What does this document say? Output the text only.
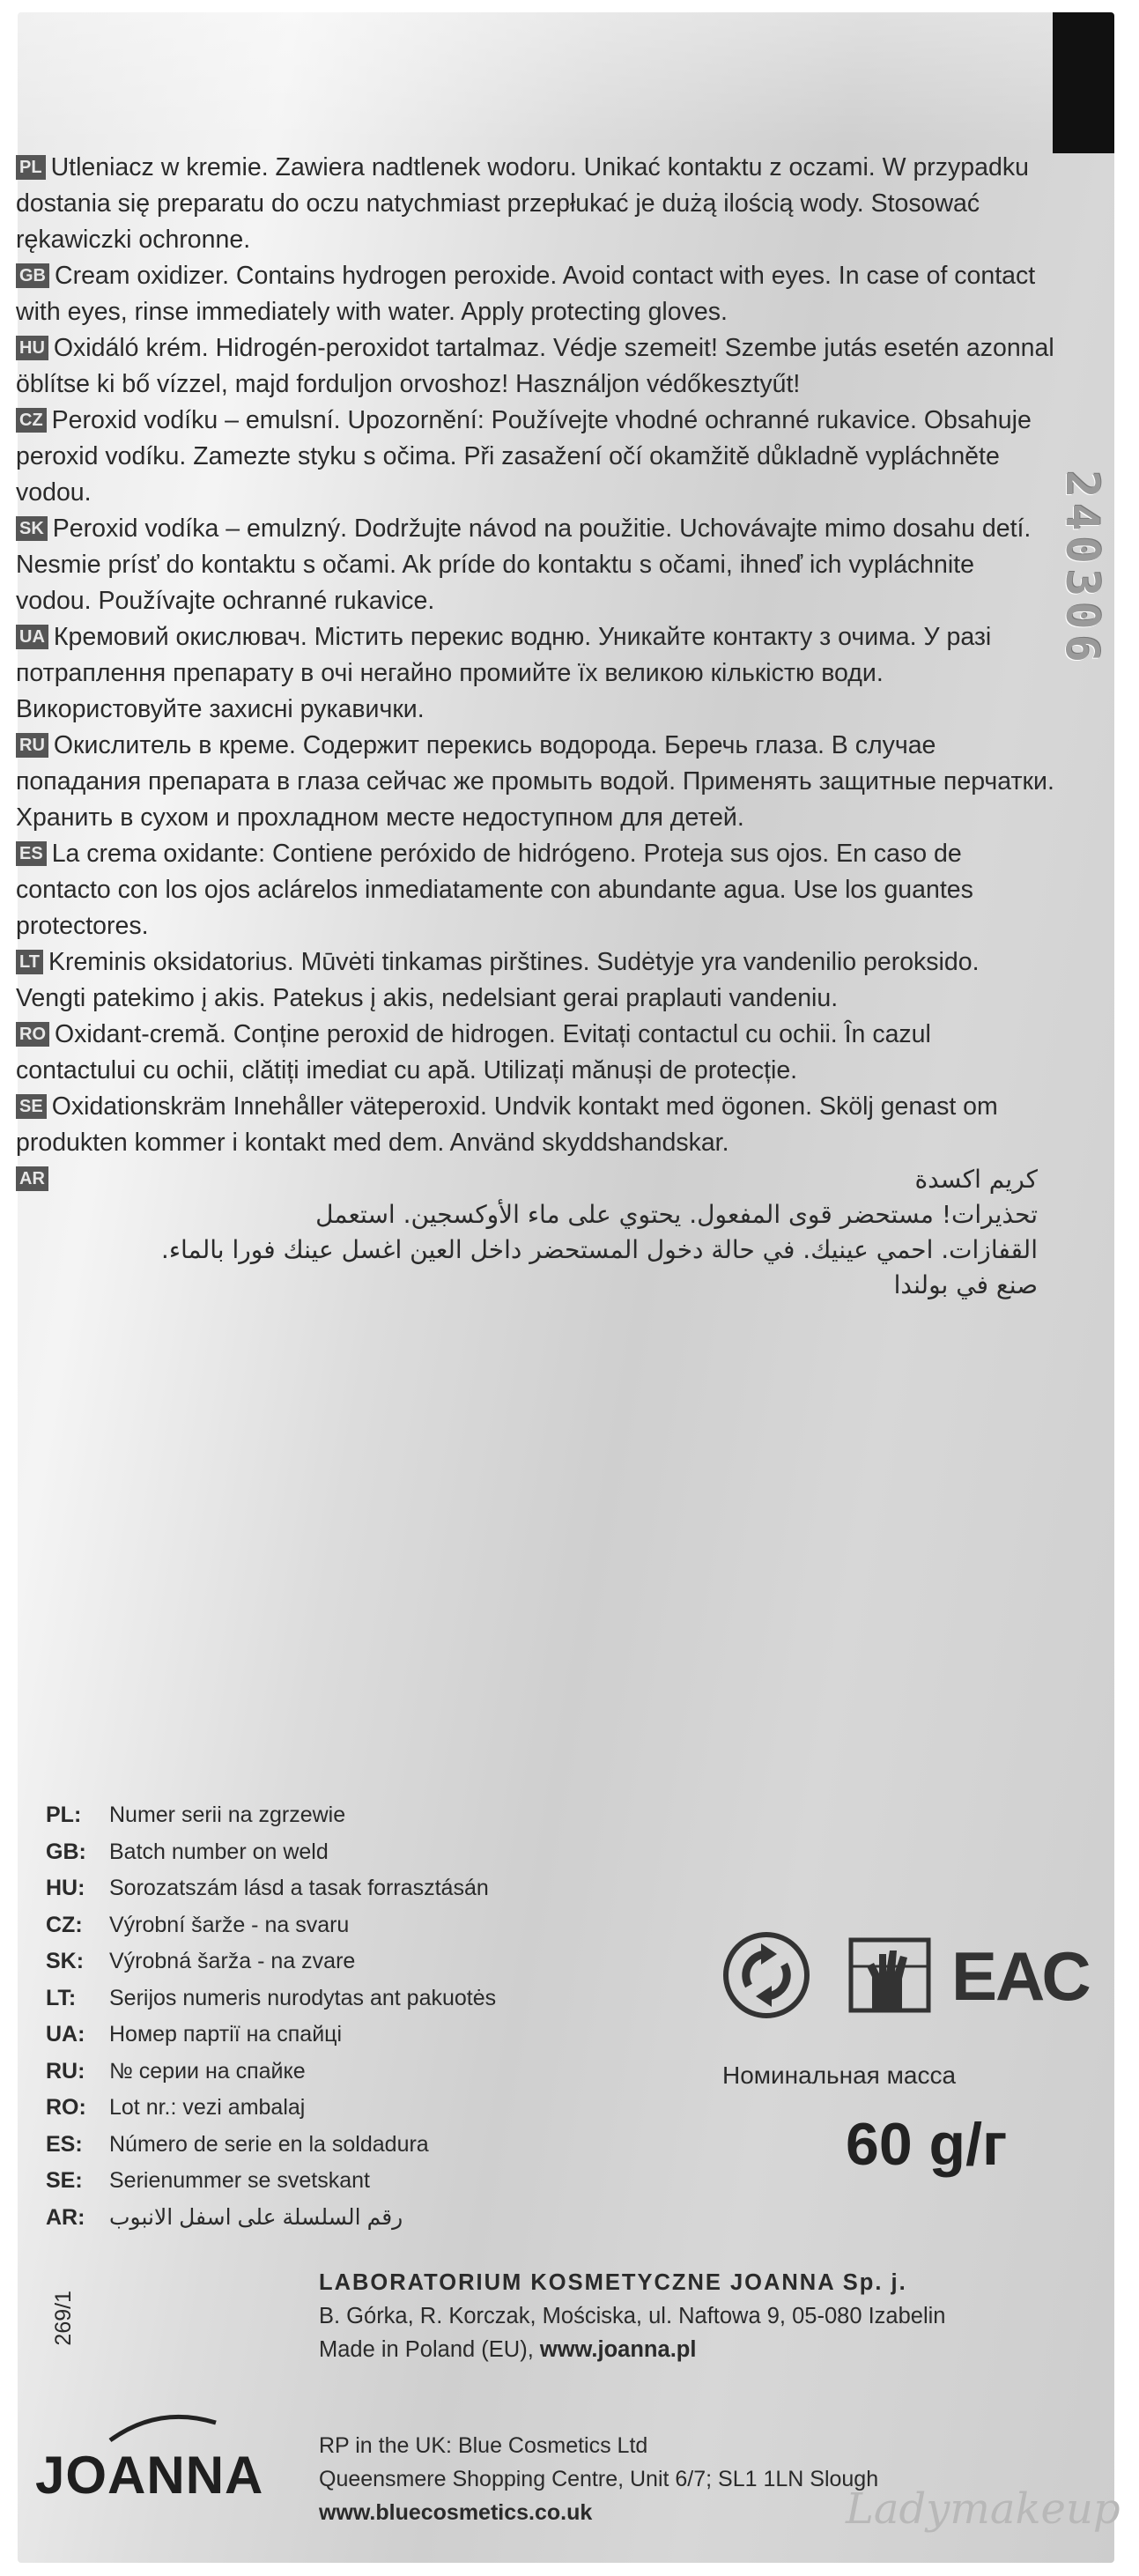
240306
PL Utleniacz w kremie. Zawiera nadtlenek wodoru. Unikać kontaktu z oczami. W przypadku dostania się preparatu do oczu natychmiast przepłukać je dużą ilością wody. Stosować rękawiczki ochronne.
GB Cream oxidizer. Contains hydrogen peroxide. Avoid contact with eyes. In case of contact with eyes, rinse immediately with water. Apply protecting gloves.
HU Oxidáló krém. Hidrogén-peroxidot tartalmaz. Védje szemeit! Szembe jutás esetén azonnal öblítse ki bő vízzel, majd forduljon orvoshoz! Használjon védőkesztyűt!
CZ Peroxid vodíku – emulsní. Upozornění: Používejte vhodné ochranné rukavice. Obsahuje peroxid vodíku. Zamezte styku s očima. Při zasažení očí okamžitě důkladně vypláchněte vodou.
SK Peroxid vodíka – emulzný. Dodržujte návod na použitie. Uchovávajte mimo dosahu detí. Nesmie prísť do kontaktu s očami. Ak príde do kontaktu s očami, ihneď ich vypláchnite vodou. Používajte ochranné rukavice.
UA Кремовий окислювач. Містить перекис водню. Уникайте контакту з очима. У разі потраплення препарату в очі негайно промийте їх великою кількістю води. Використовуйте захисні рукавички.
RU Окислитель в креме. Содержит перекись водорода. Беречь глаза. В случае попадания препарата в глаза сейчас же промыть водой. Применять защитные перчатки. Хранить в сухом и прохладном месте недоступном для детей.
ES La crema oxidante: Contiene peróxido de hidrógeno. Proteja sus ojos. En caso de contacto con los ojos aclárelos inmediatamente con abundante agua. Use los guantes protectores.
LT Kreminis oksidatorius. Mūvėti tinkamas pirštines. Sudėtyje yra vandenilio peroksido. Vengti patekimo į akis. Patekus į akis, nedelsiant gerai praplauti vandeniu.
RO Oxidant-cremă. Conține peroxid de hidrogen. Evitați contactul cu ochii. În cazul contactului cu ochii, clătiți imediat cu apă. Utilizați mănuși de protecție.
SE Oxidationskräm Innehåller väteperoxid. Undvik kontakt med ögonen. Skölj genast om produkten kommer i kontakt med dem. Använd skyddshandskar.
AR	كريم اكسدة
تحذيرات! مستحضر قوى المفعول. يحتوي على ماء الأوكسجين. استعمل
القفازات. احمي عينيك. في حالة دخول المستحضر داخل العين اغسل عينك فورا بالماء.
صنع في بولندا
PL:	Numer serii na zgrzewie
GB:	Batch number on weld
HU:	Sorozatszám lásd a tasak forrasztásán
CZ:	Výrobní šarže - na svaru
SK:	Výrobná šarža - na zvare
LT:	Serijos numeris nurodytas ant pakuotės
UA:	Номер партії на спайці
RU:	№ серии на спайке
RO:	Lot nr.: vezi ambalaj
ES:	Número de serie en la soldadura
SE:	Serienummer se svetskant
AR:	رقم السلسلة على اسفل الانبوب
ЕАС
Номинальная масса
60 g/г
269/1
LABORATORIUM KOSMETYCZNE JOANNA Sp. j.
B. Górka, R. Korczak, Mościska, ul. Naftowa 9, 05-080 Izabelin
Made in Poland (EU), www.joanna.pl
JOANNA	RP in the UK: Blue Cosmetics Ltd
Queensmere Shopping Centre, Unit 6/7; SL1 1LN Slough
www.bluecosmetics.co.uk	Ladymakeup
